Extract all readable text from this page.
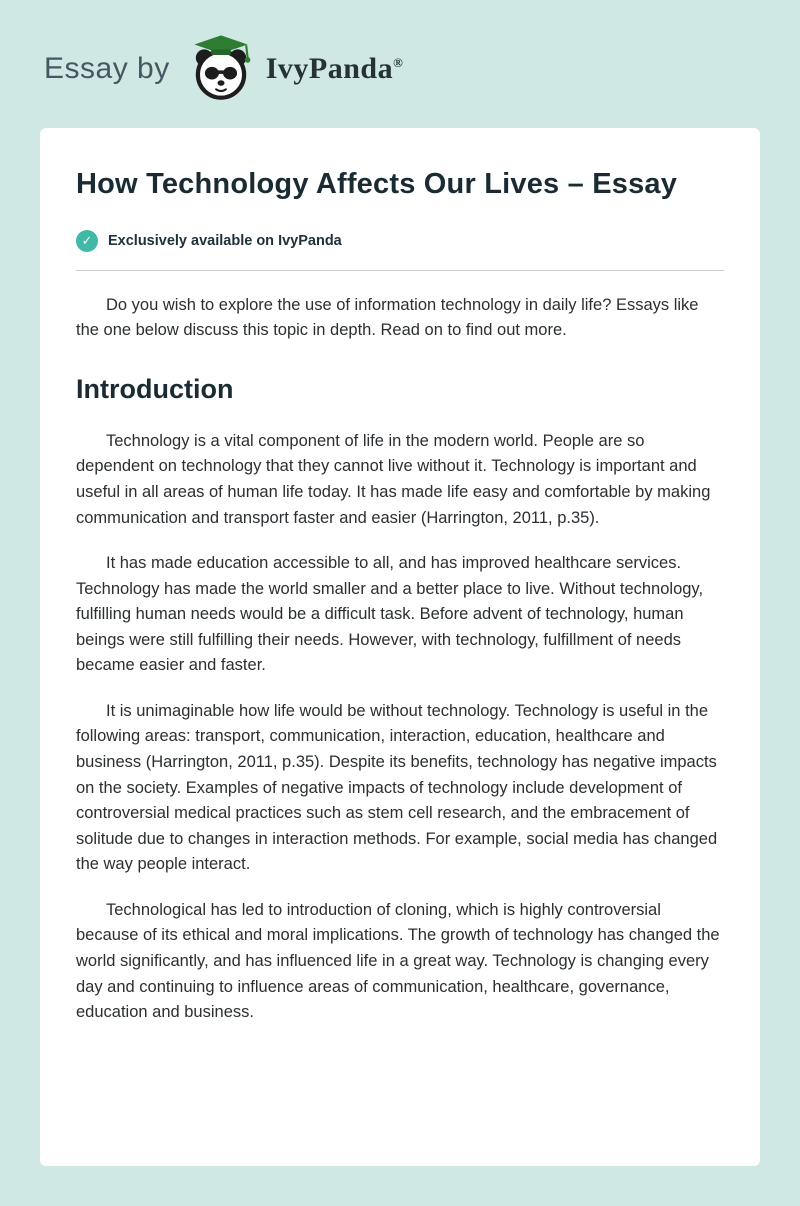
Essay by	IvyPanda®
How Technology Affects Our Lives – Essay
✓	Exclusively available on IvyPanda

Do you wish to explore the use of information technology in daily life? Essays like the one below discuss this topic in depth. Read on to find out more.

Introduction

Technology is a vital component of life in the modern world. People are so dependent on technology that they cannot live without it. Technology is important and useful in all areas of human life today. It has made life easy and comfortable by making communication and transport faster and easier (Harrington, 2011, p.35).

It has made education accessible to all, and has improved healthcare services. Technology has made the world smaller and a better place to live. Without technology, fulfilling human needs would be a difficult task. Before advent of technology, human beings were still fulfilling their needs. However, with technology, fulfillment of needs became easier and faster.

It is unimaginable how life would be without technology. Technology is useful in the following areas: transport, communication, interaction, education, healthcare and business (Harrington, 2011, p.35). Despite its benefits, technology has negative impacts on the society. Examples of negative impacts of technology include development of controversial medical practices such as stem cell research, and the embracement of solitude due to changes in interaction methods. For example, social media has changed the way people interact.

Technological has led to introduction of cloning, which is highly controversial because of its ethical and moral implications. The growth of technology has changed the world significantly, and has influenced life in a great way. Technology is changing every day and continuing to influence areas of communication, healthcare, governance, education and business.
